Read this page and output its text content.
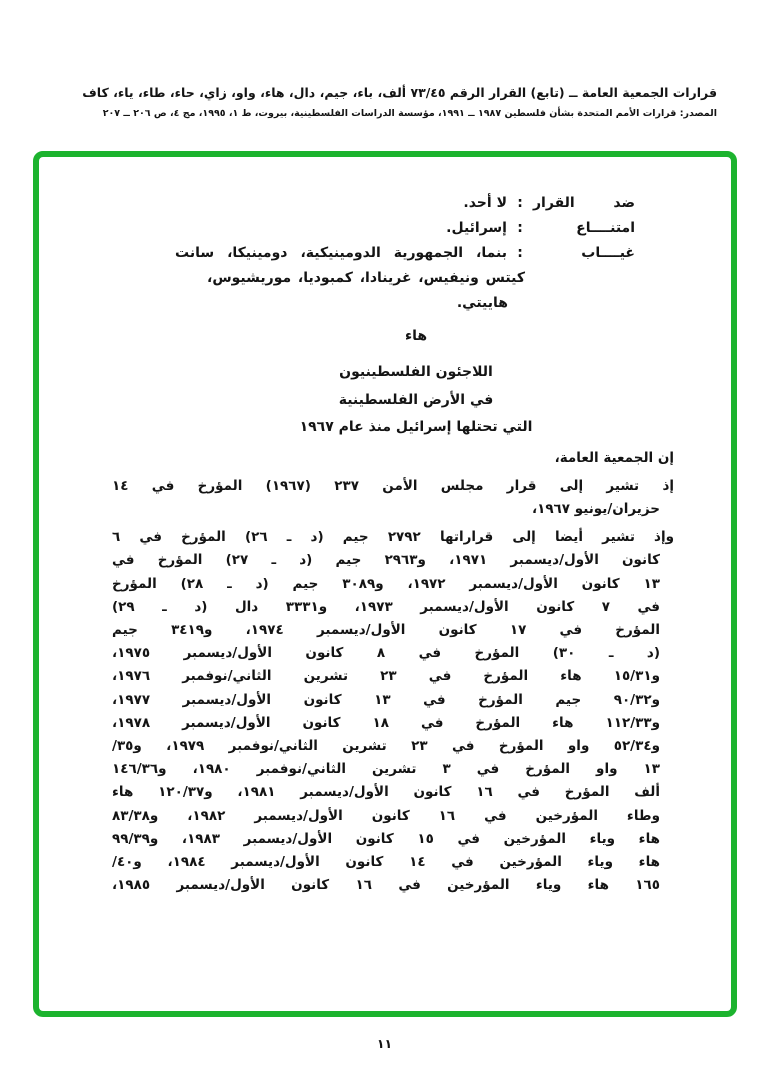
قرارات الجمعية العامة ــ (تابع) القرار الرقم ٧٣/٤٥ ألف، باء، جيم، دال، هاء، واو، زاي، حاء، طاء، ياء، كاف
المصدر: قرارات الأمم المتحدة بشأن فلسطين ١٩٨٧ ــ ١٩٩١، مؤسسة الدراسات الفلسطينية، بيروت، ط ١، ١٩٩٥، مج ٤، ص ٢٠٦ ــ ٢٠٧
ضد القرار
:
لا أحد.
امتنــــاع
:
إسرائيل.
غيــــاب
:
بنما، الجمهورية الدومينيكية، دومينيكا، سانت
كيتس ونيفيس، غرينادا، كمبوديا، موريشيوس،
هاييتي.
هاء
اللاجئون الفلسطينيون
في الأرض الفلسطينية
التي تحتلها إسرائيل منذ عام ١٩٦٧
إن الجمعية العامة،
إذ تشير إلى قرار مجلس الأمن ٢٣٧ (١٩٦٧) المؤرخ في ١٤
حزيران/يونيو ١٩٦٧،
وإذ تشير أيضا إلى قراراتها ٢٧٩٢ جيم (د ـ ٢٦) المؤرخ في ٦
كانون الأول/ديسمبر ١٩٧١، و٢٩٦٣ جيم (د ـ ٢٧) المؤرخ في
١٣ كانون الأول/ديسمبر ١٩٧٢، و٣٠٨٩ جيم (د ـ ٢٨) المؤرخ
في ٧ كانون الأول/ديسمبر ١٩٧٣، و٣٣٣١ دال (د ـ ٢٩)
المؤرخ في ١٧ كانون الأول/ديسمبر ١٩٧٤، و٣٤١٩ جيم
(د ـ ٣٠) المؤرخ في ٨ كانون الأول/ديسمبر ١٩٧٥،
و١٥/٣١ هاء المؤرخ في ٢٣ تشرين الثاني/نوفمبر ١٩٧٦،
و٩٠/٣٢ جيم المؤرخ في ١٣ كانون الأول/ديسمبر ١٩٧٧،
و١١٢/٣٣ هاء المؤرخ في ١٨ كانون الأول/ديسمبر ١٩٧٨،
و٥٢/٣٤ واو المؤرخ في ٢٣ تشرين الثاني/نوفمبر ١٩٧٩، و٣٥/
١٣ واو المؤرخ في ٣ تشرين الثاني/نوفمبر ١٩٨٠، و١٤٦/٣٦
ألف المؤرخ في ١٦ كانون الأول/ديسمبر ١٩٨١، و١٢٠/٣٧ هاء
وطاء المؤرخين في ١٦ كانون الأول/ديسمبر ١٩٨٢، و٨٣/٣٨
هاء وياء المؤرخين في ١٥ كانون الأول/ديسمبر ١٩٨٣، و٩٩/٣٩
هاء وياء المؤرخين في ١٤ كانون الأول/ديسمبر ١٩٨٤، و٤٠/
١٦٥ هاء وياء المؤرخين في ١٦ كانون الأول/ديسمبر ١٩٨٥،
١١
